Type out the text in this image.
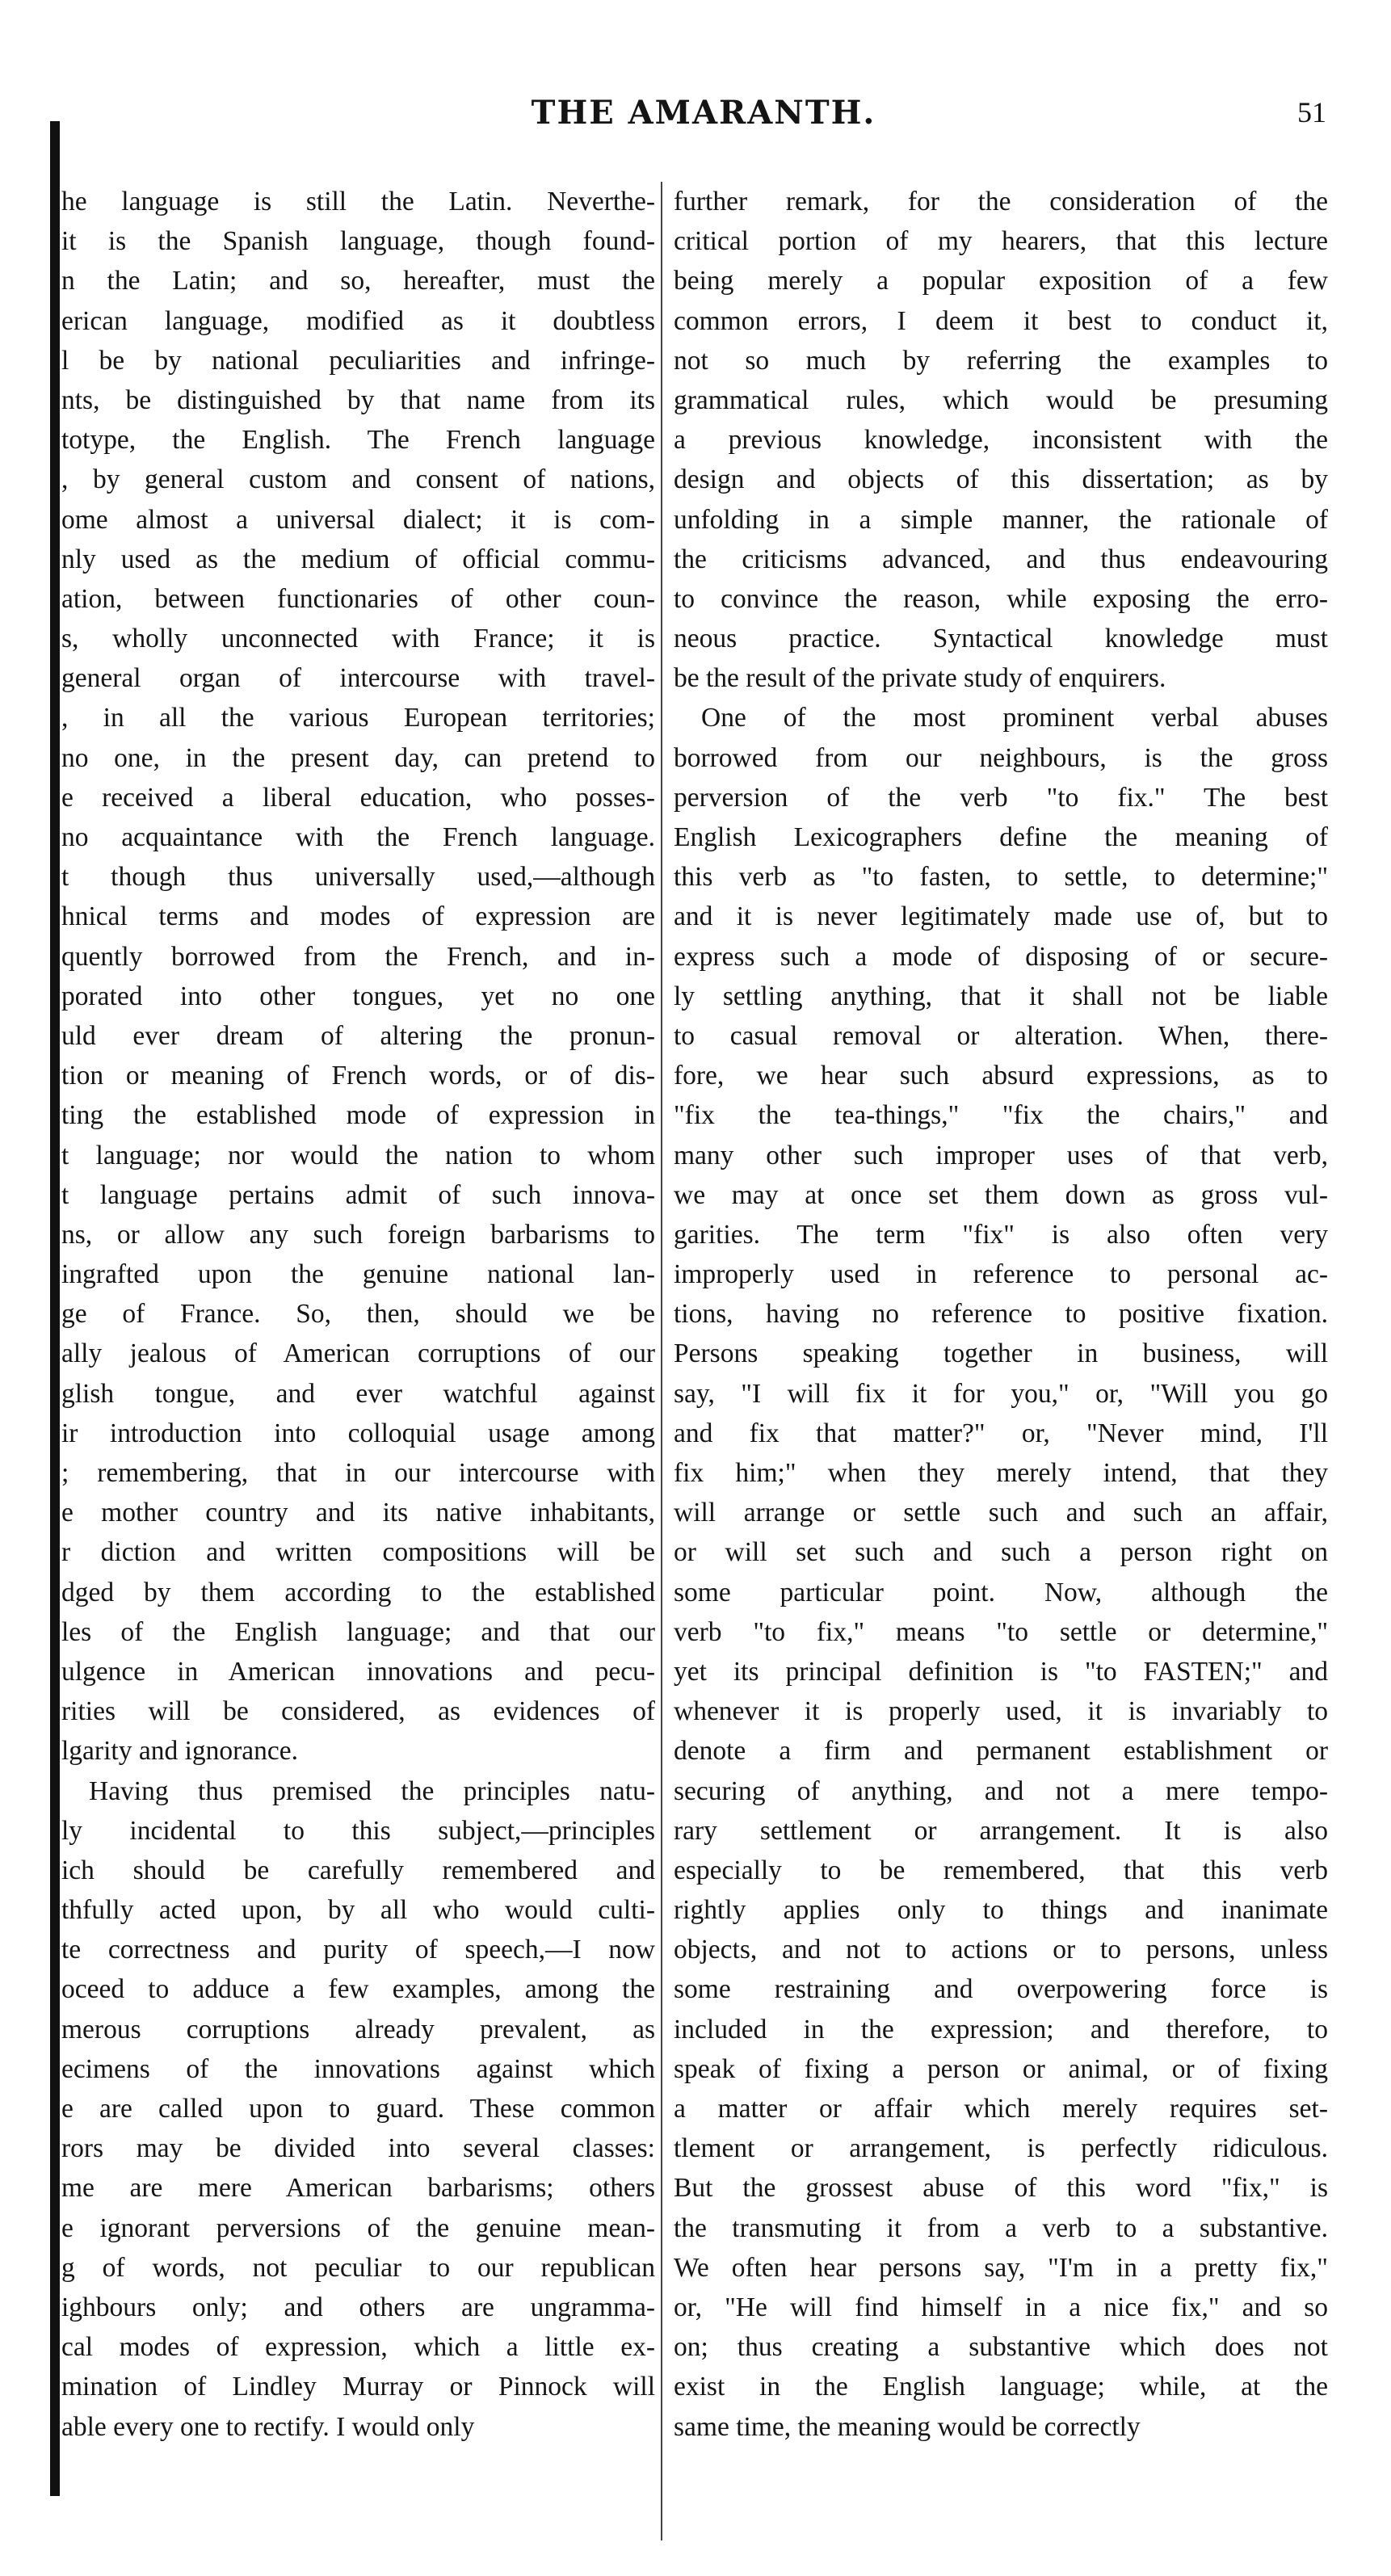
THE AMARANTH.	51
he language is still the Latin. Neverthe-
it is the Spanish language, though found-
n the Latin; and so, hereafter, must the
erican language, modified as it doubtless
l be by national peculiarities and infringe-
nts, be distinguished by that name from its
totype, the English. The French language
, by general custom and consent of nations,
ome almost a universal dialect; it is com-
nly used as the medium of official commu-
ation, between functionaries of other coun-
s, wholly unconnected with France; it is
general organ of intercourse with travel-
, in all the various European territories;
no one, in the present day, can pretend to
e received a liberal education, who posses-
no acquaintance with the French language.
t though thus universally used,—although
hnical terms and modes of expression are
quently borrowed from the French, and in-
porated into other tongues, yet no one
uld ever dream of altering the pronun-
tion or meaning of French words, or of dis-
ting the established mode of expression in
t language; nor would the nation to whom
t language pertains admit of such innova-
ns, or allow any such foreign barbarisms to
ingrafted upon the genuine national lan-
ge of France. So, then, should we be
ally jealous of American corruptions of our
glish tongue, and ever watchful against
ir introduction into colloquial usage among
; remembering, that in our intercourse with
e mother country and its native inhabitants,
r diction and written compositions will be
dged by them according to the established
les of the English language; and that our
ulgence in American innovations and pecu-
rities will be considered, as evidences of
lgarity and ignorance.
Having thus premised the principles natu-
ly incidental to this subject,—principles
ich should be carefully remembered and
thfully acted upon, by all who would culti-
te correctness and purity of speech,—I now
oceed to adduce a few examples, among the
merous corruptions already prevalent, as
ecimens of the innovations against which
e are called upon to guard. These common
rors may be divided into several classes:
me are mere American barbarisms; others
e ignorant perversions of the genuine mean-
g of words, not peculiar to our republican
ighbours only; and others are ungramma-
cal modes of expression, which a little ex-
mination of Lindley Murray or Pinnock will
able every one to rectify. I would only
further remark, for the consideration of the
critical portion of my hearers, that this lecture
being merely a popular exposition of a few
common errors, I deem it best to conduct it,
not so much by referring the examples to
grammatical rules, which would be presuming
a previous knowledge, inconsistent with the
design and objects of this dissertation; as by
unfolding in a simple manner, the rationale of
the criticisms advanced, and thus endeavouring
to convince the reason, while exposing the erro-
neous practice. Syntactical knowledge must
be the result of the private study of enquirers.
One of the most prominent verbal abuses
borrowed from our neighbours, is the gross
perversion of the verb "to fix." The best
English Lexicographers define the meaning of
this verb as "to fasten, to settle, to determine;"
and it is never legitimately made use of, but to
express such a mode of disposing of or secure-
ly settling anything, that it shall not be liable
to casual removal or alteration. When, there-
fore, we hear such absurd expressions, as to
"fix the tea-things," "fix the chairs," and
many other such improper uses of that verb,
we may at once set them down as gross vul-
garities. The term "fix" is also often very
improperly used in reference to personal ac-
tions, having no reference to positive fixation.
Persons speaking together in business, will
say, "I will fix it for you," or, "Will you go
and fix that matter?" or, "Never mind, I'll
fix him;" when they merely intend, that they
will arrange or settle such and such an affair,
or will set such and such a person right on
some particular point. Now, although the
verb "to fix," means "to settle or determine,"
yet its principal definition is "to FASTEN;" and
whenever it is properly used, it is invariably to
denote a firm and permanent establishment or
securing of anything, and not a mere tempo-
rary settlement or arrangement. It is also
especially to be remembered, that this verb
rightly applies only to things and inanimate
objects, and not to actions or to persons, unless
some restraining and overpowering force is
included in the expression; and therefore, to
speak of fixing a person or animal, or of fixing
a matter or affair which merely requires set-
tlement or arrangement, is perfectly ridiculous.
But the grossest abuse of this word "fix," is
the transmuting it from a verb to a substantive.
We often hear persons say, "I'm in a pretty fix,"
or, "He will find himself in a nice fix," and so
on; thus creating a substantive which does not
exist in the English language; while, at the
same time, the meaning would be correctly
